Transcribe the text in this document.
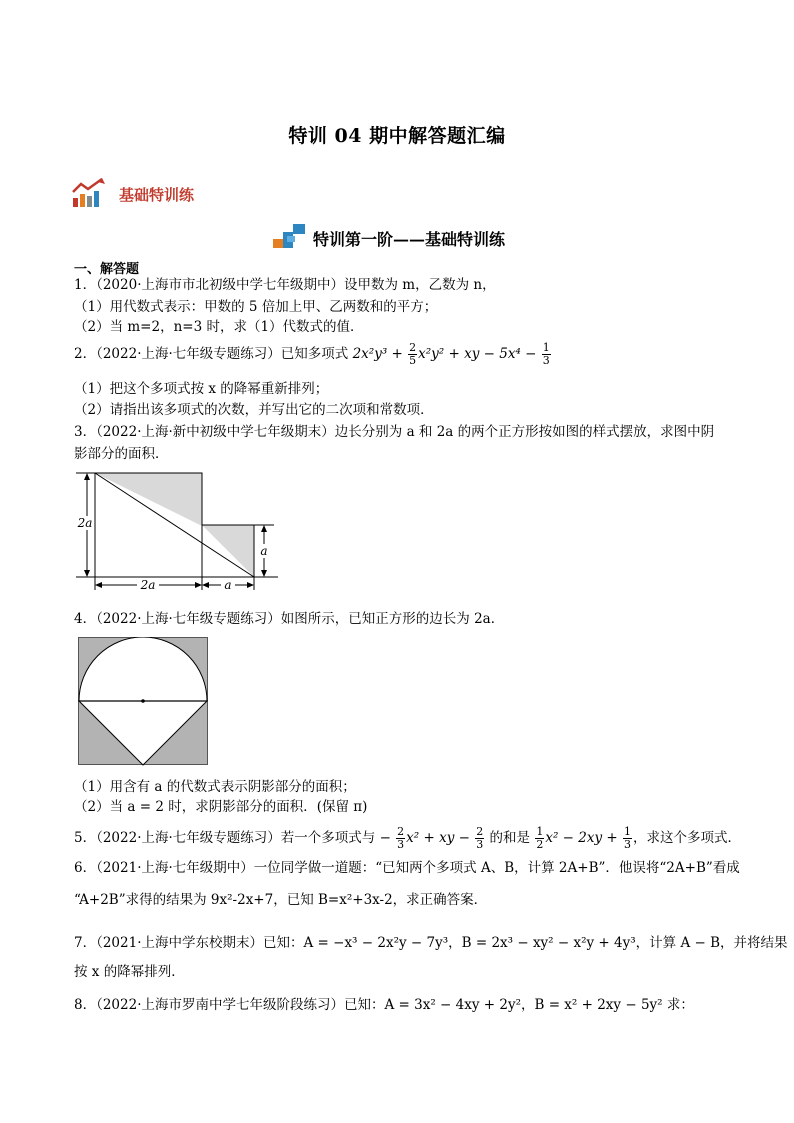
特训 04 期中解答题汇编
基础特训练
特训第一阶——基础特训练
一、解答题
1．（2020·上海市市北初级中学七年级期中）设甲数为 m，乙数为 n，
（1）用代数式表示：甲数的 5 倍加上甲、乙两数和的平方；
（2）当 m=2，n=3 时，求（1）代数式的值．
2．（2022·上海·七年级专题练习）已知多项式 $2x^2y^3 + \frac{2}{5} x^2y^2$ + xy − $5x^4 - \frac{1}{3}$
（1）把这个多项式按 x 的降幂重新排列；
（2）请指出该多项式的次数，并写出它的二次项和常数项．
3．（2022·上海·新中初级中学七年级期末）边长分别为 a 和 2a 的两个正方形按如图的样式摆放，求图中阴
影部分的面积．
2a
a
2a	a
4．（2022·上海·七年级专题练习）如图所示，已知正方形的边长为 2a．
（1）用含有 a 的代数式表示阴影部分的面积；
（2）当 a = 2 时，求阴影部分的面积．(保留 π)
5．（2022·上海·七年级专题练习）若一个多项式与 − $\frac{2}{3} x^2$ + xy − $\frac{2}{3}$ 的和是 $\frac{1}{2} x^2 - 2xy + \frac{1}{3}$ ，求这个多项式．
6．（2021·上海·七年级期中）一位同学做一道题：“已知两个多项式 A、B，计算 2A+B”．他误将“2A+B”看成
“A+2B”求得的结果为 9x²-2x+7，已知 B=x²+3x-2，求正确答案．
7．（2021·上海中学东校期末）已知：A = −x³ − 2x²y − 7y³，B = 2x³ − xy² − x²y + 4y³，计算 A − B，并将结果
按 x 的降幂排列．
8．（2022·上海市罗南中学七年级阶段练习）已知：A = 3x² − 4xy + 2y²，B = x² + 2xy − 5y² 求：
